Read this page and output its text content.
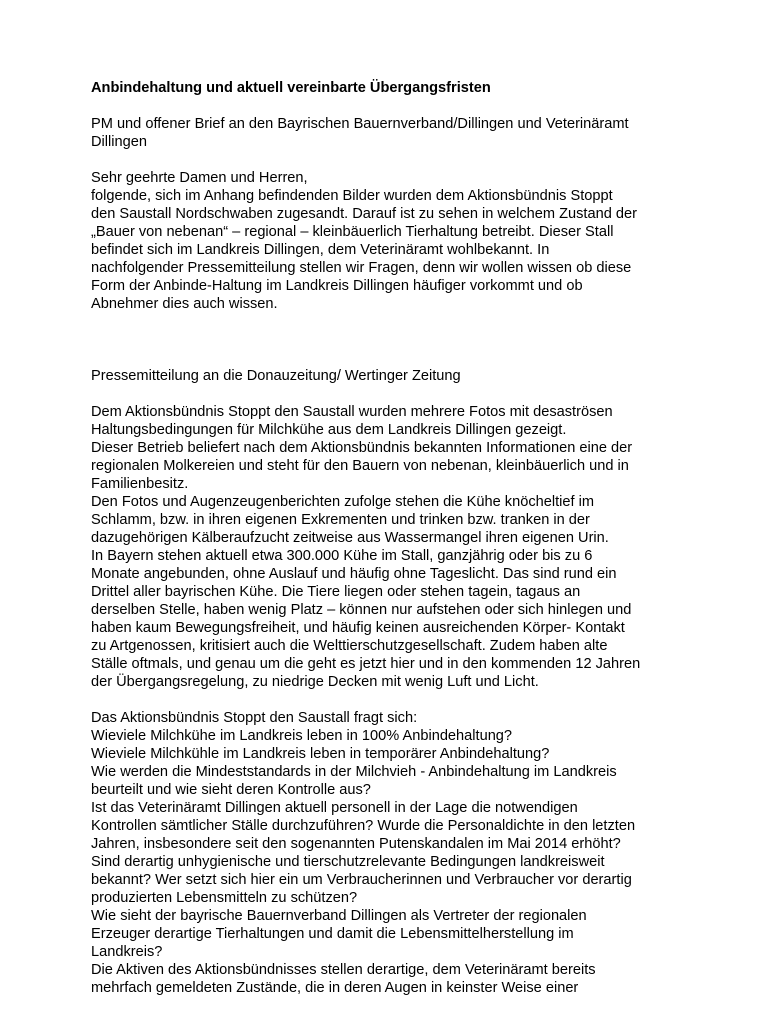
Anbindehaltung und aktuell vereinbarte Übergangsfristen
PM und offener Brief an den Bayrischen Bauernverband/Dillingen und Veterinäramt
Dillingen
Sehr geehrte Damen und Herren,
folgende, sich im Anhang befindenden Bilder wurden dem Aktionsbündnis Stoppt
den Saustall Nordschwaben zugesandt. Darauf ist zu sehen in welchem Zustand der
„Bauer von nebenan“ – regional – kleinbäuerlich Tierhaltung betreibt. Dieser Stall
befindet sich im Landkreis Dillingen, dem Veterinäramt wohlbekannt. In
nachfolgender Pressemitteilung stellen wir Fragen, denn wir wollen wissen ob diese
Form der Anbinde-Haltung im Landkreis Dillingen häufiger vorkommt und ob
Abnehmer dies auch wissen.
Pressemitteilung an die Donauzeitung/ Wertinger Zeitung
Dem Aktionsbündnis Stoppt den Saustall wurden mehrere Fotos mit desaströsen
Haltungsbedingungen für Milchkühe aus dem Landkreis Dillingen gezeigt.
Dieser Betrieb beliefert nach dem Aktionsbündnis bekannten Informationen eine der
regionalen Molkereien und steht für den Bauern von nebenan, kleinbäuerlich und in
Familienbesitz.
Den Fotos und Augenzeugenberichten zufolge stehen die Kühe knöcheltief im
Schlamm, bzw. in ihren eigenen Exkrementen und trinken bzw. tranken in der
dazugehörigen Kälberaufzucht zeitweise aus Wassermangel ihren eigenen Urin.
In Bayern stehen aktuell etwa 300.000 Kühe im Stall, ganzjährig oder bis zu 6
Monate angebunden, ohne Auslauf und häufig ohne Tageslicht. Das sind rund ein
Drittel aller bayrischen Kühe. Die Tiere liegen oder stehen tagein, tagaus an
derselben Stelle, haben wenig Platz – können nur aufstehen oder sich hinlegen und
haben kaum Bewegungsfreiheit, und häufig keinen ausreichenden Körper- Kontakt
zu Artgenossen, kritisiert auch die Welttierschutzgesellschaft. Zudem haben alte
Ställe oftmals, und genau um die geht es jetzt hier und in den kommenden 12 Jahren
der Übergangsregelung, zu niedrige Decken mit wenig Luft und Licht.
Das Aktionsbündnis Stoppt den Saustall fragt sich:
Wieviele Milchkühe im Landkreis leben in 100% Anbindehaltung?
Wieviele Milchkühle im Landkreis leben in temporärer Anbindehaltung?
Wie werden die Mindeststandards in der Milchvieh - Anbindehaltung im Landkreis
beurteilt und wie sieht deren Kontrolle aus?
Ist das Veterinäramt Dillingen aktuell personell in der Lage die notwendigen
Kontrollen sämtlicher Ställe durchzuführen? Wurde die Personaldichte in den letzten
Jahren, insbesondere seit den sogenannten Putenskandalen im Mai 2014 erhöht?
Sind derartig unhygienische und tierschutzrelevante Bedingungen landkreisweit
bekannt? Wer setzt sich hier ein um Verbraucherinnen und Verbraucher vor derartig
produzierten Lebensmitteln zu schützen?
Wie sieht der bayrische Bauernverband Dillingen als Vertreter der regionalen
Erzeuger derartige Tierhaltungen und damit die Lebensmittelherstellung im
Landkreis?
Die Aktiven des Aktionsbündnisses stellen derartige, dem Veterinäramt bereits
mehrfach gemeldeten Zustände, die in deren Augen in keinster Weise einer
